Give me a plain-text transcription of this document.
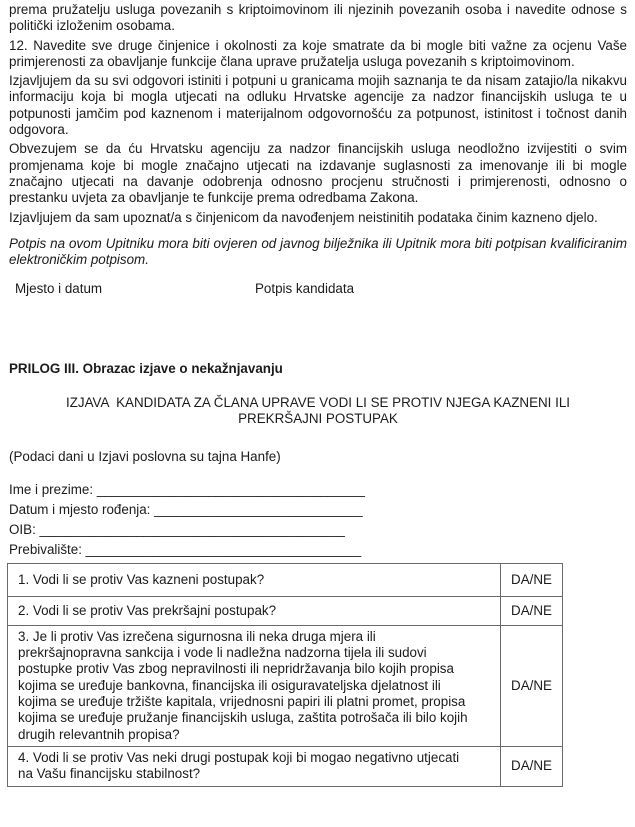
prema pružatelju usluga povezanih s kriptoimovinom ili njezinih povezanih osoba i navedite odnose s politički izloženim osobama.

12. Navedite sve druge činjenice i okolnosti za koje smatrate da bi mogle biti važne za ocjenu Vaše primjerenosti za obavljanje funkcije člana uprave pružatelja usluga povezanih s kriptoimovinom.

Izjavljujem da su svi odgovori istiniti i potpuni u granicama mojih saznanja te da nisam zatajio/la nikakvu informaciju koja bi mogla utjecati na odluku Hrvatske agencije za nadzor financijskih usluga te u potpunosti jamčim pod kaznenom i materijalnom odgovornošću za potpunost, istinitost i točnost danih odgovora.

Obvezujem se da ću Hrvatsku agenciju za nadzor financijskih usluga neodložno izvijestiti o svim promjenama koje bi mogle značajno utjecati na izdavanje suglasnosti za imenovanje ili bi mogle značajno utjecati na davanje odobrenja odnosno procjenu stručnosti i primjerenosti, odnosno o prestanku uvjeta za obavljanje te funkcije prema odredbama Zakona.

Izjavljujem da sam upoznat/a s činjenicom da navođenjem neistinitih podataka činim kazneno djelo.

Potpis na ovom Upitniku mora biti ovjeren od javnog bilježnika ili Upitnik mora biti potpisan kvalificiranim elektroničkim potpisom.

Mjesto i datum	Potpis kandidata
PRILOG III. Obrazac izjave o nekažnjavanju
IZJAVA  KANDIDATA ZA ČLANA UPRAVE VODI LI SE PROTIV NJEGA KAZNENI ILI PREKRŠAJNI POSTUPAK

(Podaci dani u Izjavi poslovna su tajna Hanfe)

Ime i prezime: ____________________________________
Datum i mjesto rođenja: ____________________________
OIB: _________________________________________
Prebivalište: _____________________________________
1. Vodi li se protiv Vas kazneni postupak?	DA/NE
2. Vodi li se protiv Vas prekršajni postupak?	DA/NE
3. Je li protiv Vas izrečena sigurnosna ili neka druga mjera ili prekršajnopravna sankcija i vode li nadležna nadzorna tijela ili sudovi postupke protiv Vas zbog nepravilnosti ili nepridržavanja bilo kojih propisa kojima se uređuje bankovna, financijska ili osiguravateljska djelatnost ili kojima se uređuje tržište kapitala, vrijednosni papiri ili platni promet, propisa kojima se uređuje pružanje financijskih usluga, zaštita potrošača ili bilo kojih drugih relevantnih propisa?	DA/NE
4. Vodi li se protiv Vas neki drugi postupak koji bi mogao negativno utjecati na Vašu financijsku stabilnost?	DA/NE
